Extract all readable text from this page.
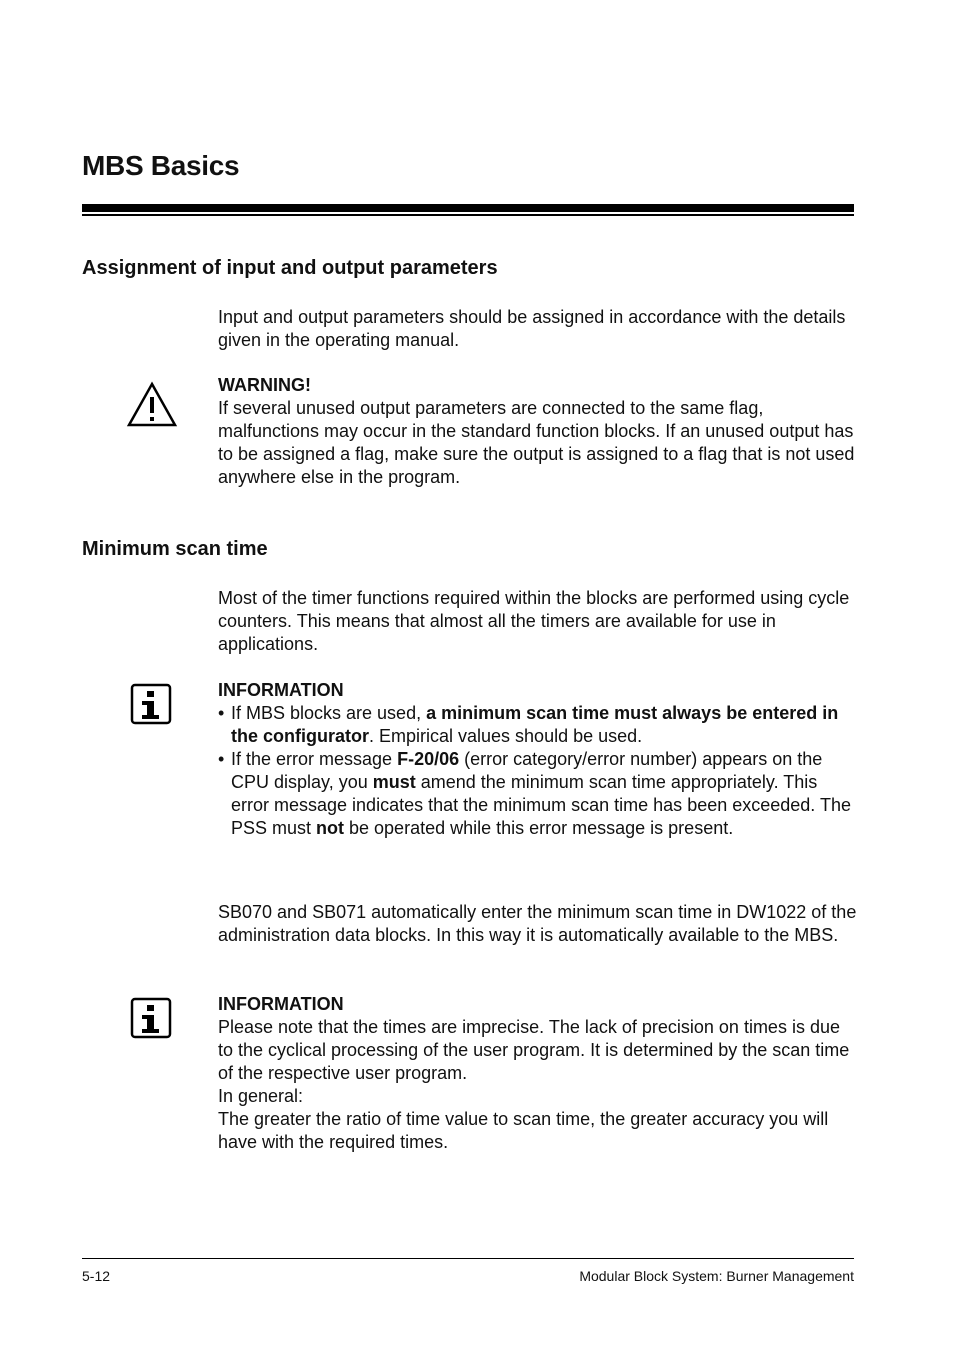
MBS Basics
Assignment of input and output parameters

Input and output parameters should be assigned in accordance with the details given in the operating manual.

WARNING!

If several unused output parameters are connected to the same flag, malfunctions may occur in the standard function blocks. If an unused output has to be assigned a flag, make sure the output is assigned to a flag that is not used anywhere else in the program.

Minimum scan time

Most of the timer functions required within the blocks are performed using cycle counters. This means that almost all the timers are available for use in applications.

INFORMATION

• If MBS blocks are used, a minimum scan time must always be entered in the configurator. Empirical values should be used.

• If the error message F-20/06 (error category/error number) appears on the CPU display, you must amend the minimum scan time appropriately. This error message indicates that the minimum scan time has been exceeded. The PSS must not be operated while this error message is present.

SB070 and SB071 automatically enter the minimum scan time in DW1022 of the administration data blocks. In this way it is automatically available to the MBS.

INFORMATION

Please note that the times are imprecise. The lack of precision on times is due to the cyclical processing of the user program. It is determined by the scan time of the respective user program.

In general:

The greater the ratio of time value to scan time, the greater accuracy you will have with the required times.

5-12	Modular Block System: Burner Management
